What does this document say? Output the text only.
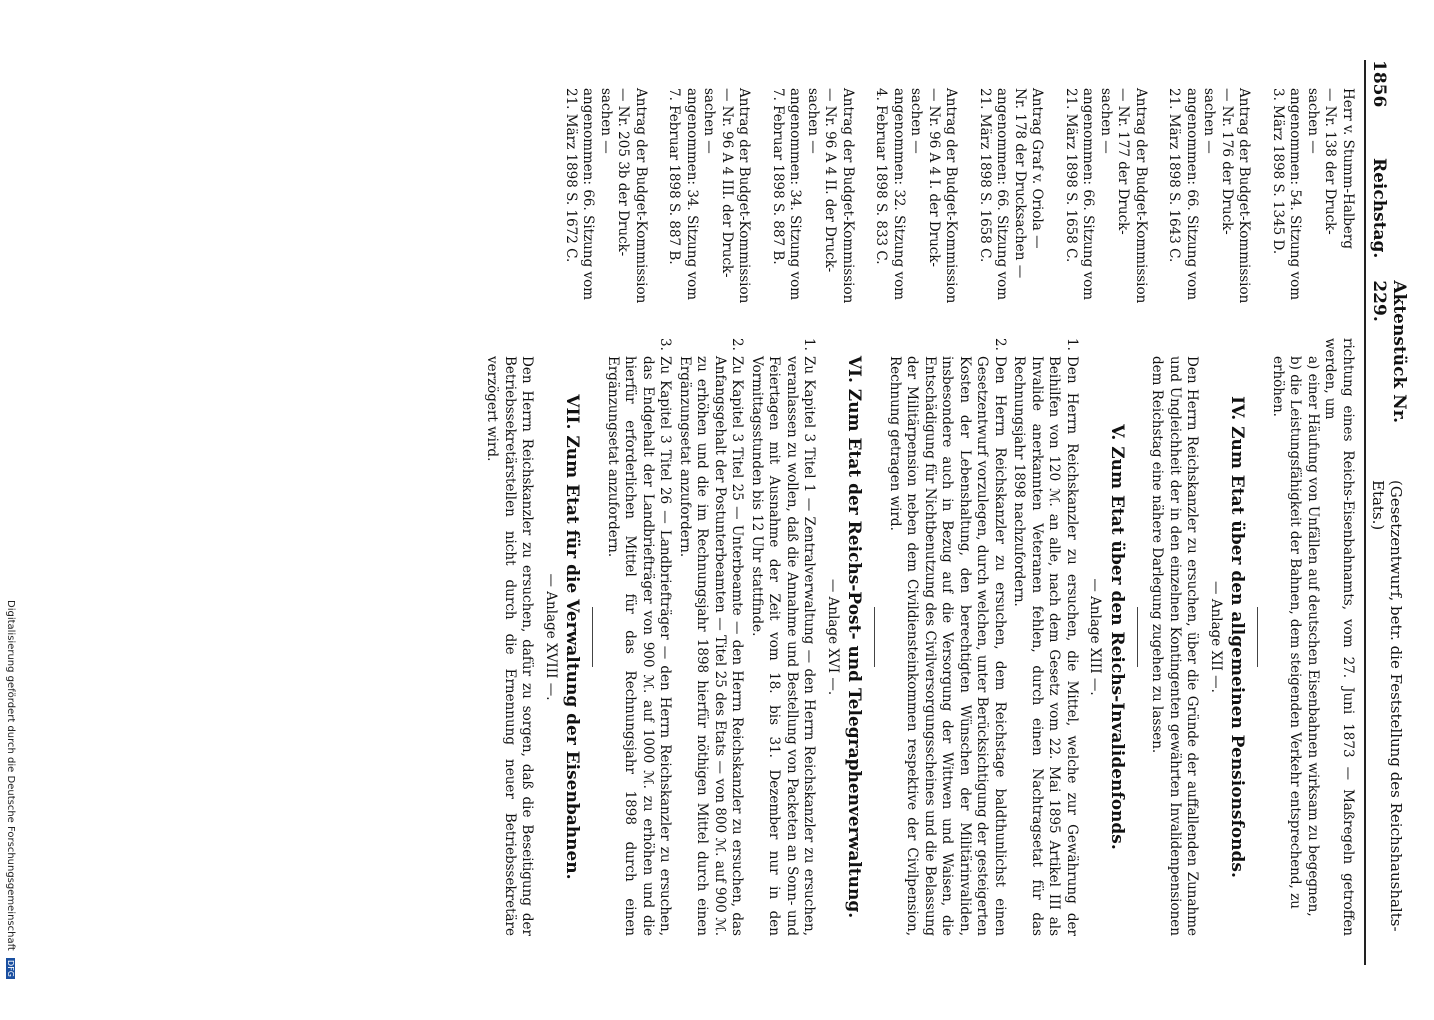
1856
Reichstag.
Aktenstück Nr. 229.
(Gesetzentwurf, betr. die Feststellung des Reichshaushalts-Etats.)
Herr v. Stumm-Halberg
— Nr. 138 der Druck-
sachen —
angenommen: 54. Sitzung vom
3. März 1898 S. 1345 D.
Antrag der Budget-Kommission
— Nr. 176 der Druck-
sachen —
angenommen: 66. Sitzung vom
21. März 1898 S. 1643 C.
Antrag der Budget-Kommission
— Nr. 177 der Druck-
sachen —
angenommen: 66. Sitzung vom
21. März 1898 S. 1658 C.
Antrag Graf v. Oriola —
Nr. 178 der Drucksachen —
angenommen: 66. Sitzung vom
21. März 1898 S. 1658 C.
Antrag der Budget-Kommission
— Nr. 96 A 4 I. der Druck-
sachen —
angenommen: 32. Sitzung vom
4. Februar 1898 S. 833 C.
Antrag der Budget-Kommission
— Nr. 96 A 4 II. der Druck-
sachen —
angenommen: 34. Sitzung vom
7. Februar 1898 S. 887 B.
Antrag der Budget-Kommission
— Nr. 96 A 4 III. der Druck-
sachen —
angenommen: 34. Sitzung vom
7. Februar 1898 S. 887 B.
Antrag der Budget-Kommission
— Nr. 205 3b der Druck-
sachen —
angenommen: 66. Sitzung vom
21. März 1898 S. 1672 C.

richtung eines Reichs-Eisenbahnamts, vom 27. Juni 1873 — Maßregeln getroffen werden, um

a) einer Häufung von Unfällen auf deutschen Eisenbahnen wirksam zu begegnen,
b) die Leistungsfähigkeit der Bahnen, dem steigenden Verkehr entsprechend, zu erhöhen.
IV. Zum Etat über den allgemeinen Pensionsfonds.
— Anlage XII —.

Den Herrn Reichskanzler zu ersuchen, über die Gründe der auffallenden Zunahme und Ungleichheit der in den einzelnen Kontingenten gewährten Invalidenpensionen dem Reichstag eine nähere Darlegung zugehen zu lassen.

V. Zum Etat über den Reichs-Invalidenfonds.
— Anlage XIII —.
1.

Den Herrn Reichskanzler zu ersuchen, die Mittel, welche zur Gewährung der Beihilfen von 120 ℳ. an alle, nach dem Gesetz vom 22. Mai 1895 Artikel III als Invalide anerkannten Veteranen fehlen, durch einen Nachtragsetat für das Rechnungsjahr 1898 nachzufordern.

2.

Den Herrn Reichskanzler zu ersuchen, dem Reichstage baldthunlichst einen Gesetzentwurf vorzulegen, durch welchen, unter Berücksichtigung der gesteigerten Kosten der Lebenshaltung, den berechtigten Wünschen der Militärinvaliden, insbesondere auch in Bezug auf die Versorgung der Wittwen und Waisen, die Entschädigung für Nichtbenutzung des Civilversorgungsscheines und die Belassung der Militärpension neben dem Civildiensteinkommen respektive der Civilpension, Rechnung getragen wird.

VI. Zum Etat der Reichs-Post- und Telegraphenverwaltung.
— Anlage XVI —.
1.

Zu Kapitel 3 Titel 1 — Zentralverwaltung — den Herrn Reichskanzler zu ersuchen, veranlassen zu wollen, daß die Annahme und Bestellung von Packeten an Sonn- und Feiertagen mit Ausnahme der Zeit vom 18. bis 31. Dezember nur in den Vormittagsstunden bis 12 Uhr stattfinde.

2.

Zu Kapitel 3 Titel 25 — Unterbeamte — den Herrn Reichskanzler zu ersuchen, das Anfangsgehalt der Postunterbeamten — Titel 25 des Etats — von 800 ℳ. auf 900 ℳ. zu erhöhen und die im Rechnungsjahr 1898 hierfür nöthigen Mittel durch einen Ergänzungsetat anzufordern.

3.

Zu Kapitel 3 Titel 26 — Landbriefträger — den Herrn Reichskanzler zu ersuchen, das Endgehalt der Landbriefträger von 900 ℳ. auf 1000 ℳ. zu erhöhen und die hierfür erforderlichen Mittel für das Rechnungsjahr 1898 durch einen Ergänzungsetat anzufordern.

VII. Zum Etat für die Verwaltung der Eisenbahnen.
— Anlage XVIII —.

Den Herrn Reichskanzler zu ersuchen, dafür zu sorgen, daß die Beseitigung der Betriebssekretärstellen nicht durch die Ernennung neuer Betriebssekretäre verzögert wird.

Digitalisierung gefördert durch die Deutsche Forschungsgemeinschaft DFG
